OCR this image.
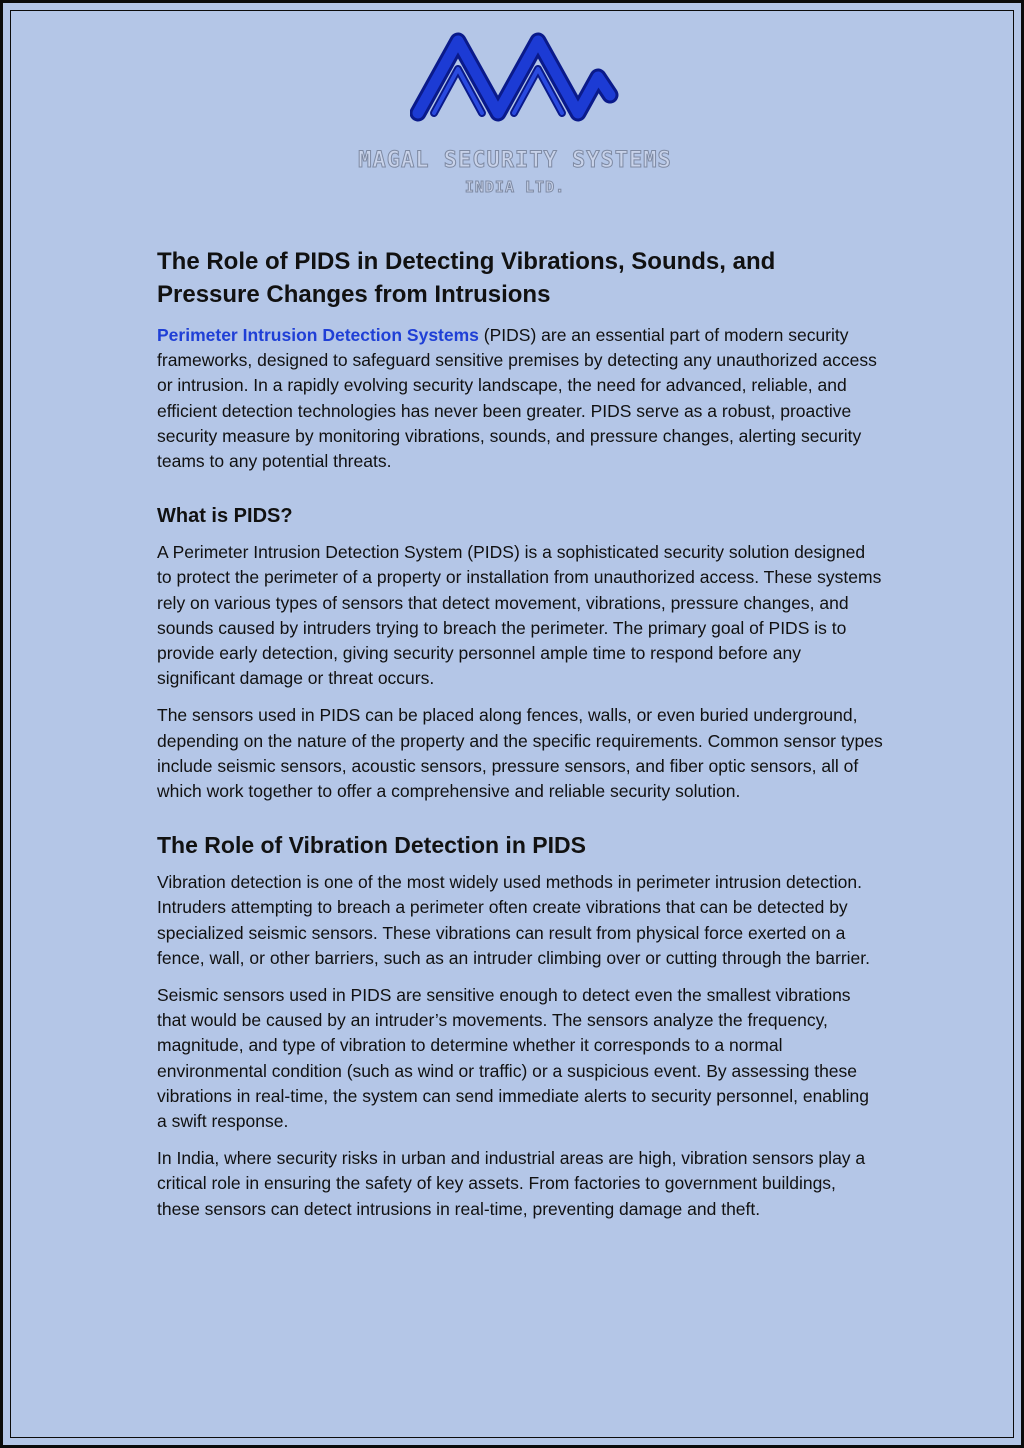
MAGAL SECURITY SYSTEMS
INDIA LTD.
The Role of PIDS in Detecting Vibrations, Sounds, and Pressure Changes from Intrusions

Perimeter Intrusion Detection Systems (PIDS) are an essential part of modern security frameworks, designed to safeguard sensitive premises by detecting any unauthorized access or intrusion. In a rapidly evolving security landscape, the need for advanced, reliable, and efficient detection technologies has never been greater. PIDS serve as a robust, proactive security measure by monitoring vibrations, sounds, and pressure changes, alerting security teams to any potential threats.

What is PIDS?

A Perimeter Intrusion Detection System (PIDS) is a sophisticated security solution designed to protect the perimeter of a property or installation from unauthorized access. These systems rely on various types of sensors that detect movement, vibrations, pressure changes, and sounds caused by intruders trying to breach the perimeter. The primary goal of PIDS is to provide early detection, giving security personnel ample time to respond before any significant damage or threat occurs.

The sensors used in PIDS can be placed along fences, walls, or even buried underground, depending on the nature of the property and the specific requirements. Common sensor types include seismic sensors, acoustic sensors, pressure sensors, and fiber optic sensors, all of which work together to offer a comprehensive and reliable security solution.

The Role of Vibration Detection in PIDS

Vibration detection is one of the most widely used methods in perimeter intrusion detection. Intruders attempting to breach a perimeter often create vibrations that can be detected by specialized seismic sensors. These vibrations can result from physical force exerted on a fence, wall, or other barriers, such as an intruder climbing over or cutting through the barrier.

Seismic sensors used in PIDS are sensitive enough to detect even the smallest vibrations that would be caused by an intruder’s movements. The sensors analyze the frequency, magnitude, and type of vibration to determine whether it corresponds to a normal environmental condition (such as wind or traffic) or a suspicious event. By assessing these vibrations in real-time, the system can send immediate alerts to security personnel, enabling a swift response.

In India, where security risks in urban and industrial areas are high, vibration sensors play a critical role in ensuring the safety of key assets. From factories to government buildings, these sensors can detect intrusions in real-time, preventing damage and theft.
